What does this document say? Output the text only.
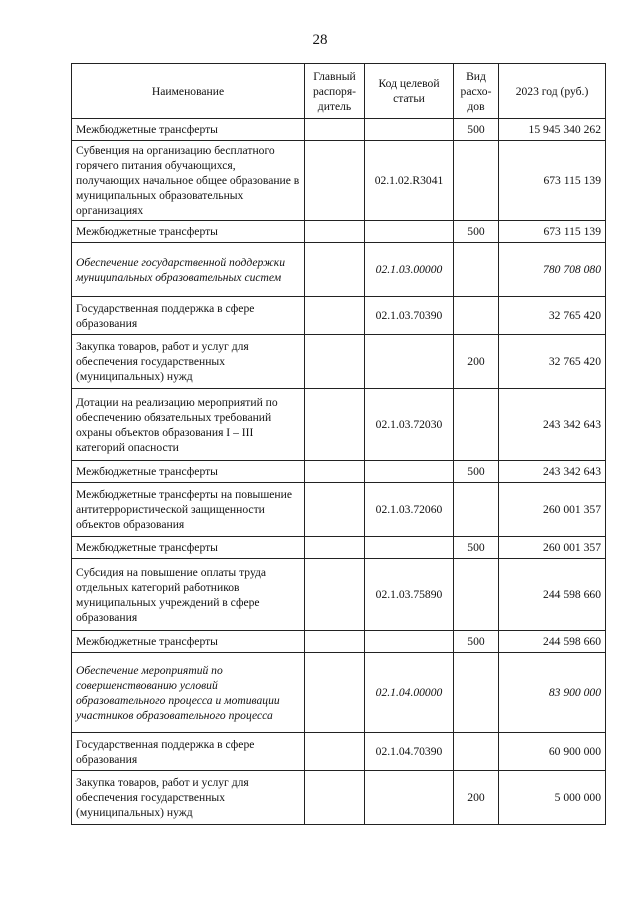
28
Наименование	Главный распоря-дитель	Код целевой статьи	Вид расхо-дов	2023 год (руб.)
Межбюджетные трансферты			500	15 945 340 262
Субвенция на организацию бесплатного горячего питания обучающихся, получающих начальное общее образование в муниципальных образовательных организациях		02.1.02.R3041		673 115 139
Межбюджетные трансферты			500	673 115 139
Обеспечение государственной поддержки муниципальных образовательных систем		02.1.03.00000		780 708 080
Государственная поддержка в сфере образования		02.1.03.70390		32 765 420
Закупка товаров, работ и услуг для обеспечения государственных (муниципальных) нужд			200	32 765 420
Дотации на реализацию мероприятий по обеспечению обязательных требований охраны объектов образования I – III категорий опасности		02.1.03.72030		243 342 643
Межбюджетные трансферты			500	243 342 643
Межбюджетные трансферты на повышение антитеррористической защищенности объектов образования		02.1.03.72060		260 001 357
Межбюджетные трансферты			500	260 001 357
Субсидия на повышение оплаты труда отдельных категорий работников муниципальных учреждений в сфере образования		02.1.03.75890		244 598 660
Межбюджетные трансферты			500	244 598 660
Обеспечение мероприятий по совершенствованию условий образовательного процесса и мотивации участников образовательного процесса		02.1.04.00000		83 900 000
Государственная поддержка в сфере образования		02.1.04.70390		60 900 000
Закупка товаров, работ и услуг для обеспечения государственных (муниципальных) нужд			200	5 000 000
